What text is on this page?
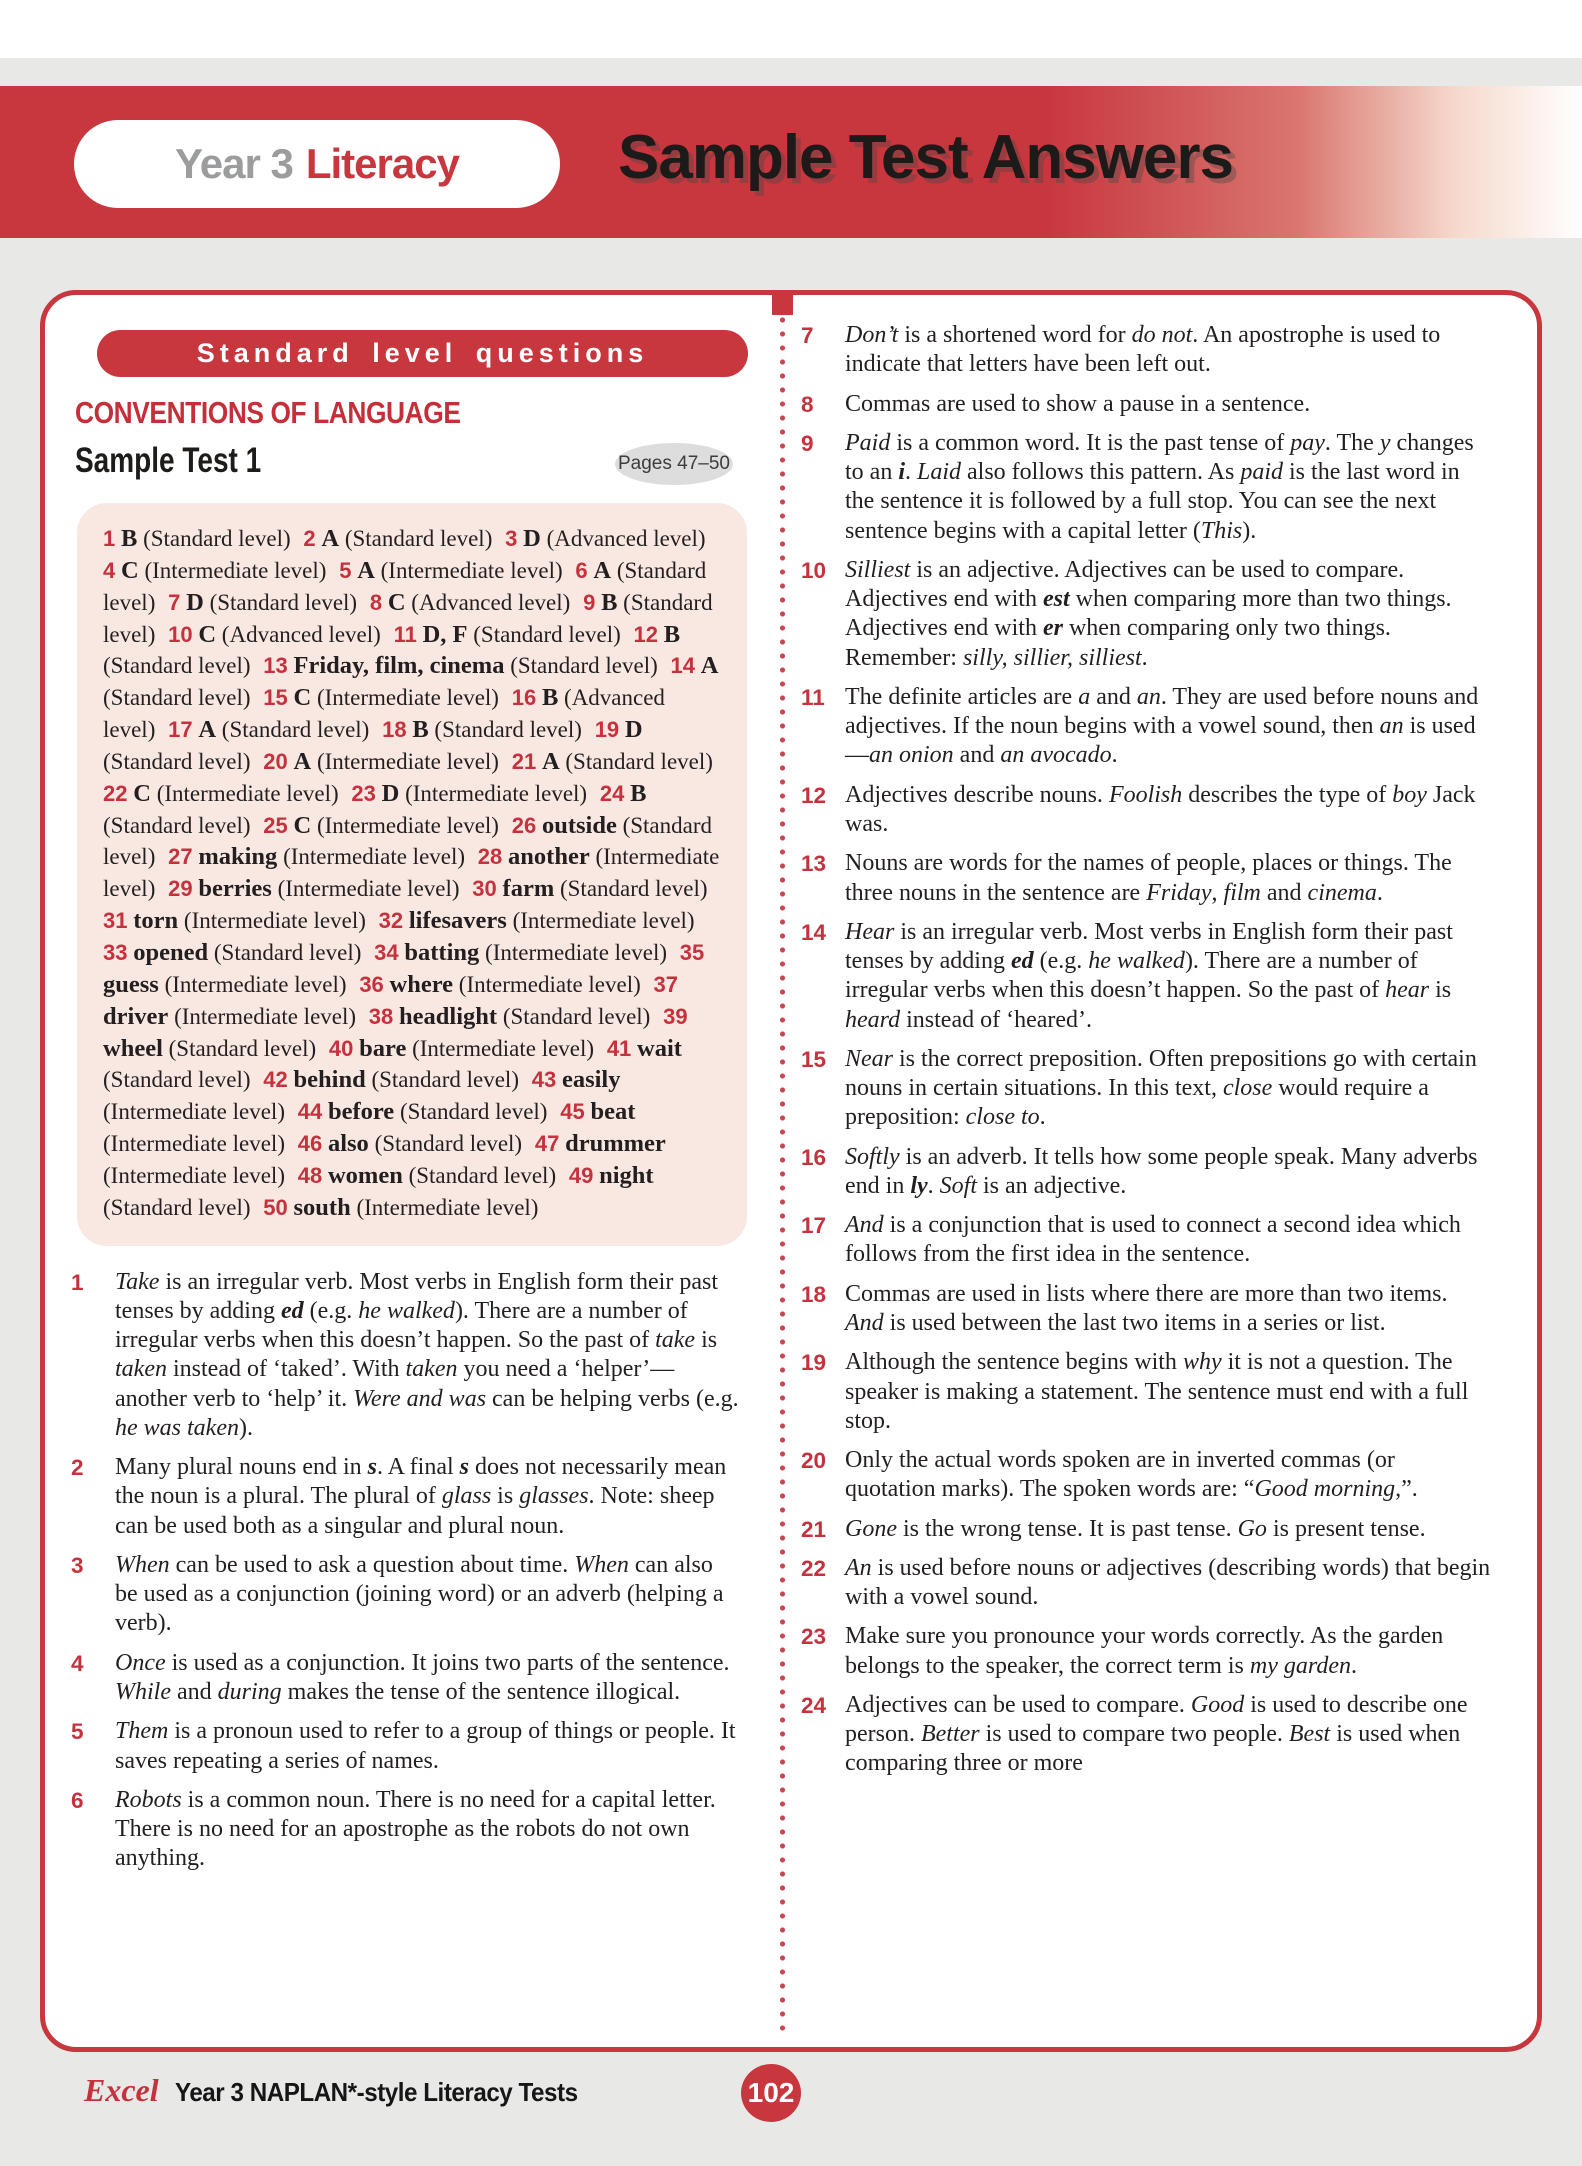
Year 3 Literacy	Sample Test Answers
Standard level questions
CONVENTIONS OF LANGUAGE
Sample Test 1	Pages 47–50
1 B (Standard level) 2 A (Standard level) 3 D (Advanced level) 4 C (Intermediate level) 5 A (Intermediate level) 6 A (Standard level) 7 D (Standard level) 8 C (Advanced level) 9 B (Standard level) 10 C (Advanced level) 11 D, F (Standard level) 12 B (Standard level) 13 Friday, film, cinema (Standard level) 14 A (Standard level) 15 C (Intermediate level) 16 B (Advanced level) 17 A (Standard level) 18 B (Standard level) 19 D (Standard level) 20 A (Intermediate level) 21 A (Standard level) 22 C (Intermediate level) 23 D (Intermediate level) 24 B (Standard level) 25 C (Intermediate level) 26 outside (Standard level) 27 making (Intermediate level) 28 another (Intermediate level) 29 berries (Intermediate level) 30 farm (Standard level) 31 torn (Intermediate level) 32 lifesavers (Intermediate level) 33 opened (Standard level) 34 batting (Intermediate level) 35 guess (Intermediate level) 36 where (Intermediate level) 37 driver (Intermediate level) 38 headlight (Standard level) 39 wheel (Standard level) 40 bare (Intermediate level) 41 wait (Standard level) 42 behind (Standard level) 43 easily (Intermediate level) 44 before (Standard level) 45 beat (Intermediate level) 46 also (Standard level) 47 drummer (Intermediate level) 48 women (Standard level) 49 night (Standard level) 50 south (Intermediate level)
1	Take is an irregular verb. Most verbs in English form their past tenses by adding ed (e.g. he walked). There are a number of irregular verbs when this doesn’t happen. So the past of take is taken instead of ‘taked’. With taken you need a ‘helper’—another verb to ‘help’ it. Were and was can be helping verbs (e.g. he was taken).
2	Many plural nouns end in s. A final s does not necessarily mean the noun is a plural. The plural of glass is glasses. Note: sheep can be used both as a singular and plural noun.
3	When can be used to ask a question about time. When can also be used as a conjunction (joining word) or an adverb (helping a verb).
4	Once is used as a conjunction. It joins two parts of the sentence. While and during makes the tense of the sentence illogical.
5	Them is a pronoun used to refer to a group of things or people. It saves repeating a series of names.
6	Robots is a common noun. There is no need for a capital letter. There is no need for an apostrophe as the robots do not own anything.
7	Don’t is a shortened word for do not. An apostrophe is used to indicate that letters have been left out.
8	Commas are used to show a pause in a sentence.
9	Paid is a common word. It is the past tense of pay. The y changes to an i. Laid also follows this pattern. As paid is the last word in the sentence it is followed by a full stop. You can see the next sentence begins with a capital letter (This).
10 Silliest is an adjective. Adjectives can be used to compare. Adjectives end with est when comparing more than two things. Adjectives end with er when comparing only two things. Remember: silly, sillier, silliest.
11 The definite articles are a and an. They are used before nouns and adjectives. If the noun begins with a vowel sound, then an is used—an onion and an avocado.
12 Adjectives describe nouns. Foolish describes the type of boy Jack was.
13 Nouns are words for the names of people, places or things. The three nouns in the sentence are Friday, film and cinema.
14 Hear is an irregular verb. Most verbs in English form their past tenses by adding ed (e.g. he walked). There are a number of irregular verbs when this doesn’t happen. So the past of hear is heard instead of ‘heared’.
15 Near is the correct preposition. Often prepositions go with certain nouns in certain situations. In this text, close would require a preposition: close to.
16 Softly is an adverb. It tells how some people speak. Many adverbs end in ly. Soft is an adjective.
17 And is a conjunction that is used to connect a second idea which follows from the first idea in the sentence.
18 Commas are used in lists where there are more than two items. And is used between the last two items in a series or list.
19 Although the sentence begins with why it is not a question. The speaker is making a statement. The sentence must end with a full stop.
20 Only the actual words spoken are in inverted commas (or quotation marks). The spoken words are: “Good morning,”.
21 Gone is the wrong tense. It is past tense. Go is present tense.
22 An is used before nouns or adjectives (describing words) that begin with a vowel sound.
23 Make sure you pronounce your words correctly. As the garden belongs to the speaker, the correct term is my garden.
24 Adjectives can be used to compare. Good is used to describe one person. Better is used to compare two people. Best is used when comparing three or more
Excel Year 3 NAPLAN*-style Literacy Tests	102
